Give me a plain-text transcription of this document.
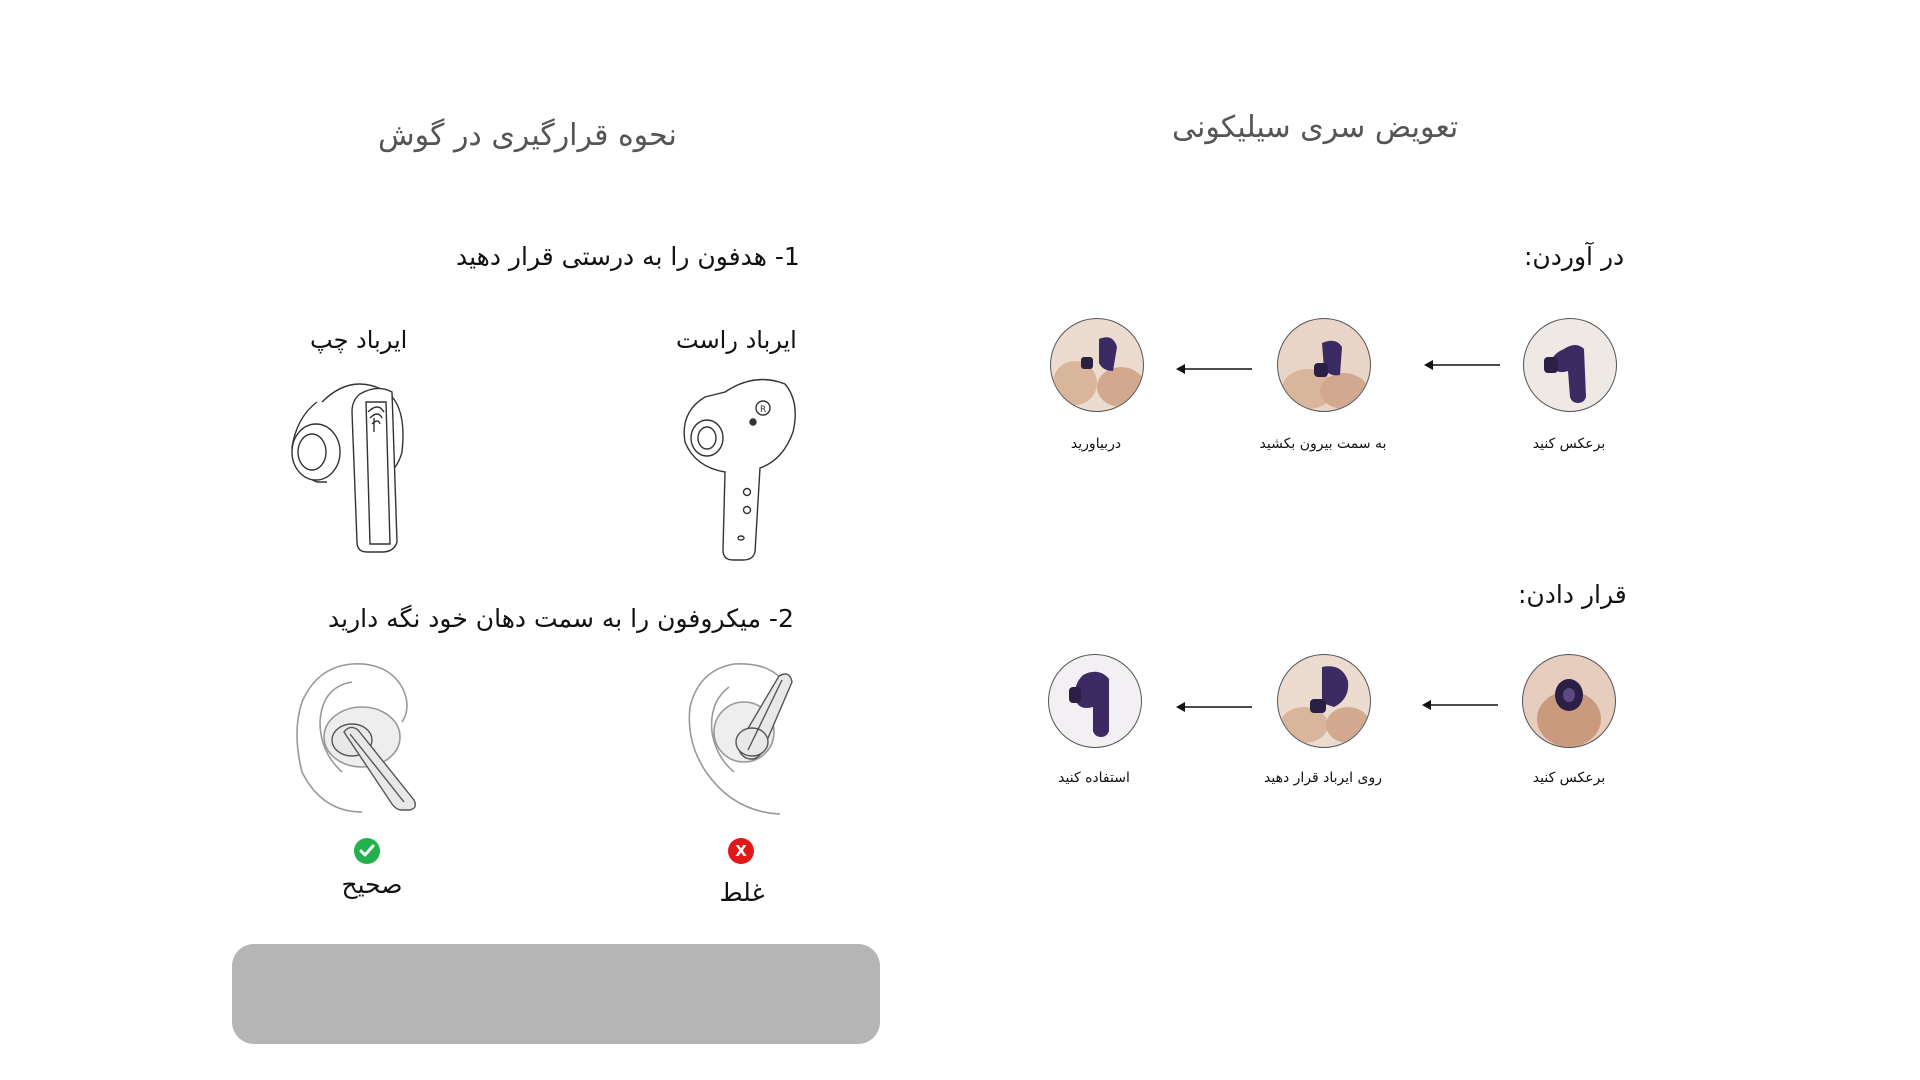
نحوه قرارگیری در گوش
1- هدفون را به درستی قرار دهید
ایرباد چپ	ایرباد راست
R
2- میکروفون را به سمت دهان خود نگه دارید
X
صحیح	غلط
تعویض سری سیلیکونی
در آوردن:
قرار دادن:
برعکس کنید
به سمت بیرون بکشید
دربیاورید
برعکس کنید
روی ایرباد قرار دهید
استفاده کنید
